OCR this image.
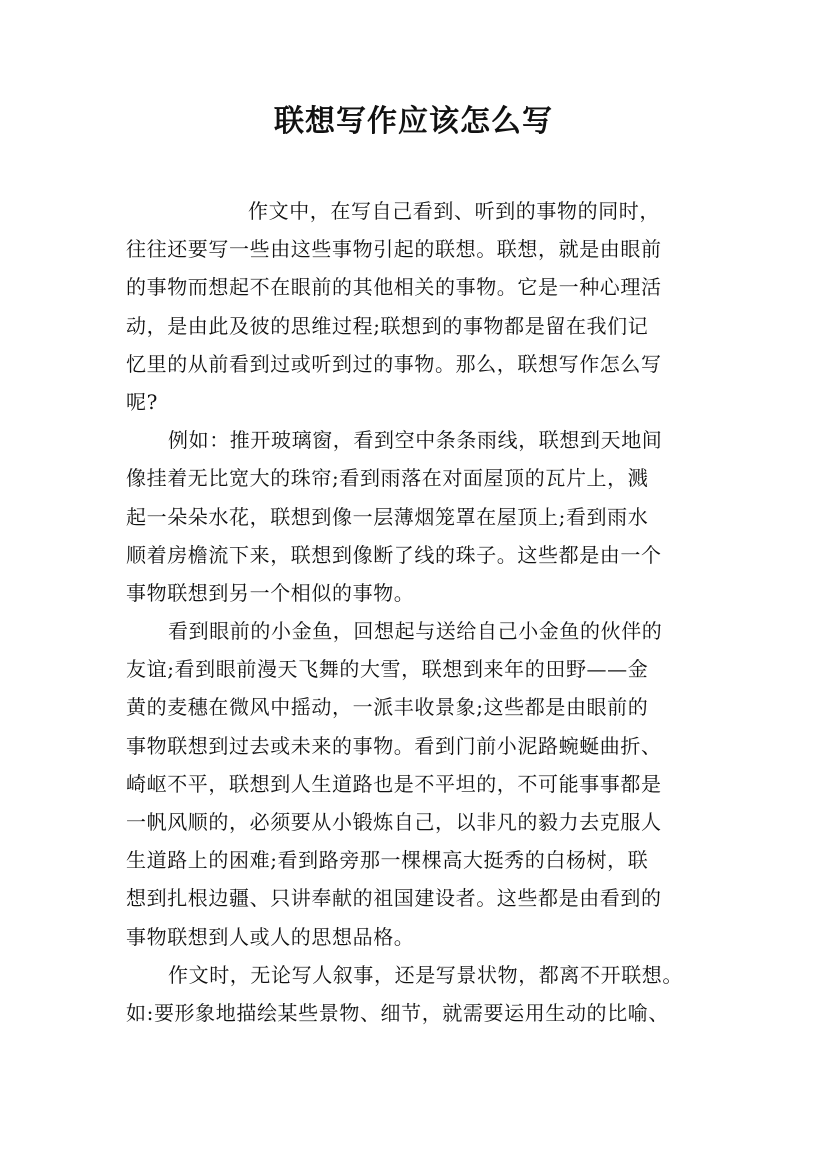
联想写作应该怎么写
作文中，在写自己看到、听到的事物的同时，
往往还要写一些由这些事物引起的联想。联想，就是由眼前
的事物而想起不在眼前的其他相关的事物。它是一种心理活
动，是由此及彼的思维过程;联想到的事物都是留在我们记
忆里的从前看到过或听到过的事物。那么，联想写作怎么写
呢?
例如：推开玻璃窗，看到空中条条雨线，联想到天地间
像挂着无比宽大的珠帘;看到雨落在对面屋顶的瓦片上，溅
起一朵朵水花，联想到像一层薄烟笼罩在屋顶上;看到雨水
顺着房檐流下来，联想到像断了线的珠子。这些都是由一个
事物联想到另一个相似的事物。
看到眼前的小金鱼，回想起与送给自己小金鱼的伙伴的
友谊;看到眼前漫天飞舞的大雪，联想到来年的田野——金
黄的麦穗在微风中摇动，一派丰收景象;这些都是由眼前的
事物联想到过去或未来的事物。看到门前小泥路蜿蜒曲折、
崎岖不平，联想到人生道路也是不平坦的，不可能事事都是
一帆风顺的，必须要从小锻炼自己，以非凡的毅力去克服人
生道路上的困难;看到路旁那一棵棵高大挺秀的白杨树，联
想到扎根边疆、只讲奉献的祖国建设者。这些都是由看到的
事物联想到人或人的思想品格。
作文时，无论写人叙事，还是写景状物，都离不开联想。
如:要形象地描绘某些景物、细节，就需要运用生动的比喻、
